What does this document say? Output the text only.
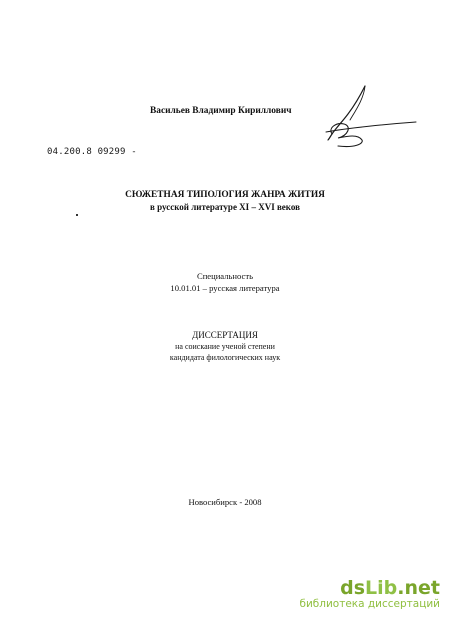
Васильев Владимир Кириллович
04.200.8 09299 -
СЮЖЕТНАЯ ТИПОЛОГИЯ ЖАНРА ЖИТИЯ
в русской литературе XI – XVI веков
Специальность
10.01.01 – русская литература
ДИССЕРТАЦИЯ
на соискание ученой степени
кандидата филологических наук
Новосибирск - 2008
dsLib.net
библиотека диссертаций
